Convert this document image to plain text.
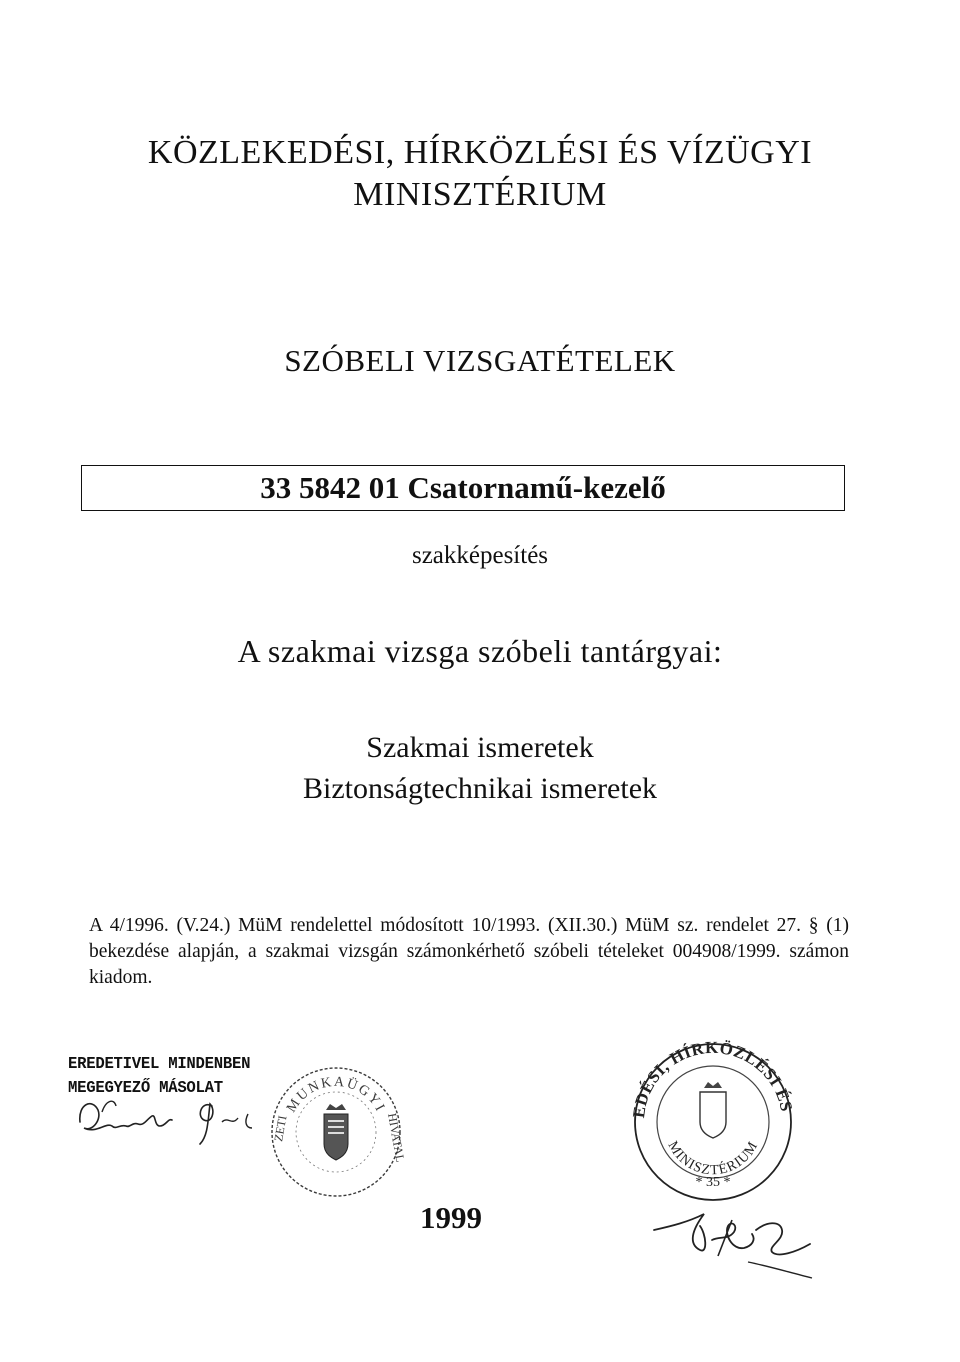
KÖZLEKEDÉSI, HÍRKÖZLÉSI ÉS VÍZÜGYI
MINISZTÉRIUM
SZÓBELI VIZSGATÉTELEK
33 5842 01 Csatornamű-kezelő
szakképesítés
A szakmai vizsga szóbeli tantárgyai:
Szakmai ismeretek
Biztonságtechnikai ismeretek
A 4/1996. (V.24.) MüM rendelettel módosított 10/1993. (XII.30.) MüM sz. rendelet 27. § (1) bekezdése alapján, a szakmai vizsgán számonkérhető szóbeli tételeket 004908/1999. számon kiadom.
EREDETIVEL MINDENBEN
MEGEGYEZŐ MÁSOLAT
MUNKAÜGYI
ZETI	HIVATAL
KÖZLEKEDÉSI, HÍRKÖZLÉSI ÉS VÍZÜGYI
MINISZTÉRIUM
* 35 *
1999
